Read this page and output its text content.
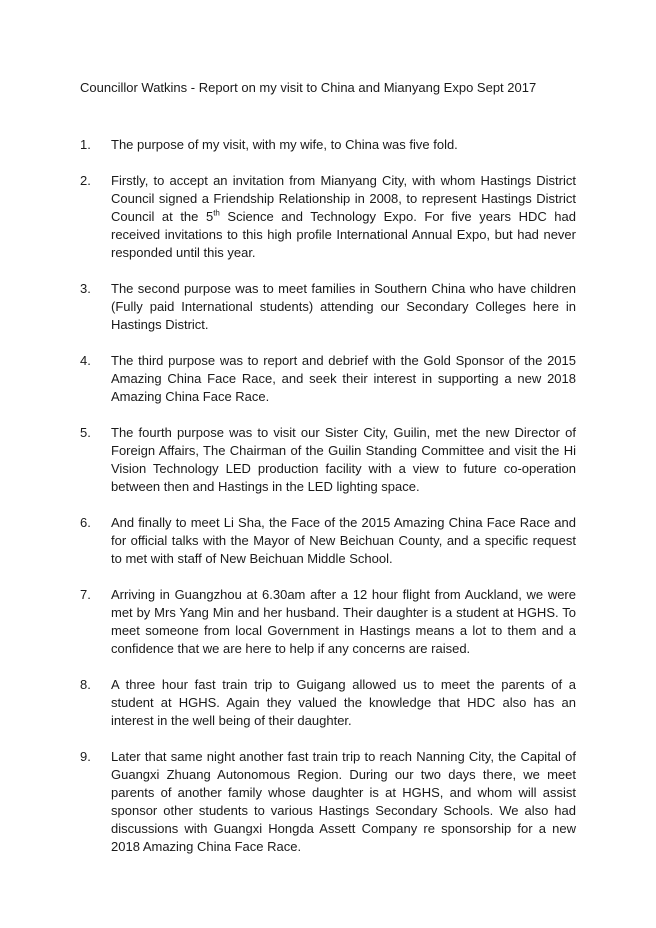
Councillor Watkins - Report on my visit to China and Mianyang Expo Sept 2017
1.	The purpose of my visit, with my wife, to China was five fold.
2.	Firstly, to accept an invitation from Mianyang City, with whom Hastings District Council signed a Friendship Relationship in 2008, to represent Hastings District Council at the 5th Science and Technology Expo. For five years HDC had received invitations to this high profile International Annual Expo, but had never responded until this year.
3.	The second purpose was to meet families in Southern China who have children (Fully paid International students) attending our Secondary Colleges here in Hastings District.
4.	The third purpose was to report and debrief with the Gold Sponsor of the 2015 Amazing China Face Race, and seek their interest in supporting a new 2018 Amazing China Face Race.
5.	The fourth purpose was to visit our Sister City, Guilin, met the new Director of Foreign Affairs, The Chairman of the Guilin Standing Committee and visit the Hi Vision Technology LED production facility with a view to future co-operation between then and Hastings in the LED lighting space.
6.	And finally to meet Li Sha, the Face of the 2015 Amazing China Face Race and for official talks with the Mayor of New Beichuan County, and a specific request to met with staff of New Beichuan Middle School.
7.	Arriving in Guangzhou at 6.30am after a 12 hour flight from Auckland, we were met by Mrs Yang Min and her husband. Their daughter is a student at HGHS. To meet someone from local Government in Hastings means a lot to them and a confidence that we are here to help if any concerns are raised.
8.	A three hour fast train trip to Guigang allowed us to meet the parents of a student at HGHS. Again they valued the knowledge that HDC also has an interest in the well being of their daughter.
9.	Later that same night another fast train trip to reach Nanning City, the Capital of Guangxi Zhuang Autonomous Region. During our two days there, we meet parents of another family whose daughter is at HGHS, and whom will assist sponsor other students to various Hastings Secondary Schools. We also had discussions with Guangxi Hongda Assett Company re sponsorship for a new 2018 Amazing China Face Race.
